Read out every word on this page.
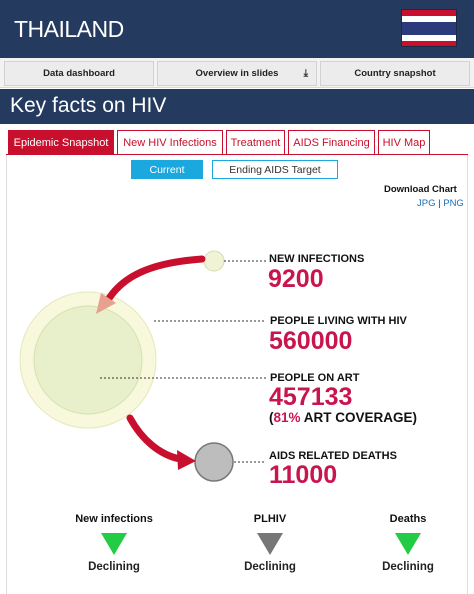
THAILAND
Data dashboard	Overview in slides	⤓	Country snapshot
Key facts on HIV
Epidemic Snapshot New HIV Infections Treatment AIDS Financing HIV Map
Current	Ending AIDS Target
Download Chart
JPG | PNG
NEW INFECTIONS
9200
PEOPLE LIVING WITH HIV
560000
PEOPLE ON ART
457133
(81% ART COVERAGE)
AIDS RELATED DEATHS
11000
New infections
Declining
PLHIV
Declining
Deaths
Declining
